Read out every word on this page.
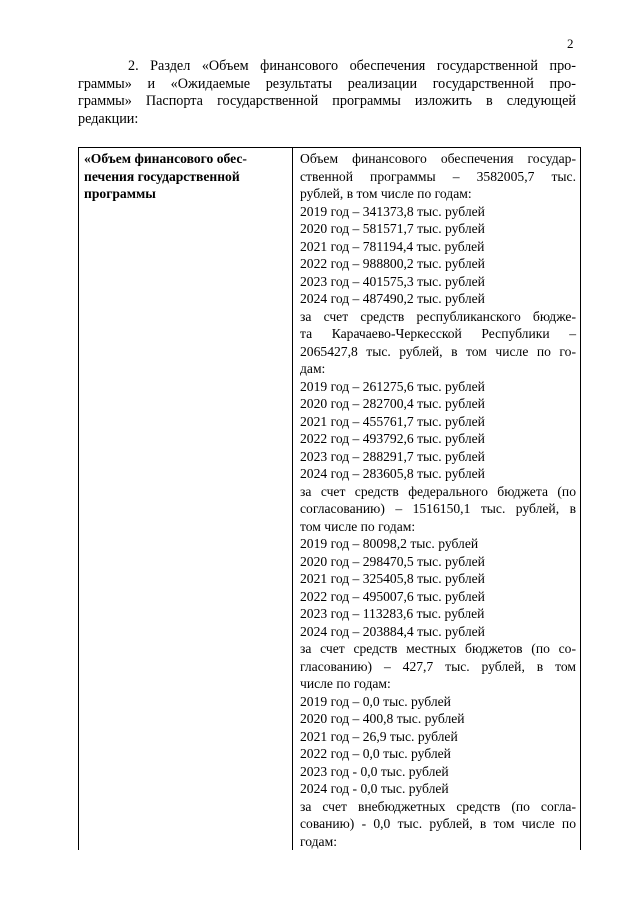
2
2. Раздел «Объем финансового обеспечения государственной про-
граммы» и «Ожидаемые результаты реализации государственной про-
граммы» Паспорта государственной программы изложить в следующей
редакции:
«Объем финансового обес-
печения государственной
программы

Объем финансового обеспечения государ-
ственной программы – 3582005,7 тыс.
рублей, в том числе по годам:
2019 год – 341373,8 тыс. рублей
2020 год – 581571,7 тыс. рублей
2021 год – 781194,4 тыс. рублей
2022 год – 988800,2 тыс. рублей
2023 год – 401575,3 тыс. рублей
2024 год – 487490,2 тыс. рублей
за счет средств республиканского бюдже-
та Карачаево-Черкесской Республики –
2065427,8 тыс. рублей, в том числе по го-
дам:
2019 год – 261275,6 тыс. рублей
2020 год – 282700,4 тыс. рублей
2021 год – 455761,7 тыс. рублей
2022 год – 493792,6 тыс. рублей
2023 год – 288291,7 тыс. рублей
2024 год – 283605,8 тыс. рублей
за счет средств федерального бюджета (по
согласованию) – 1516150,1 тыс. рублей, в
том числе по годам:
2019 год – 80098,2 тыс. рублей
2020 год – 298470,5 тыс. рублей
2021 год – 325405,8 тыс. рублей
2022 год – 495007,6 тыс. рублей
2023 год – 113283,6 тыс. рублей
2024 год – 203884,4 тыс. рублей
за счет средств местных бюджетов (по со-
гласованию) – 427,7 тыс. рублей, в том
числе по годам:
2019 год – 0,0 тыс. рублей
2020 год – 400,8 тыс. рублей
2021 год – 26,9 тыс. рублей
2022 год – 0,0 тыс. рублей
2023 год - 0,0 тыс. рублей
2024 год - 0,0 тыс. рублей
за счет внебюджетных средств (по согла-
сованию) - 0,0 тыс. рублей, в том числе по
годам:
